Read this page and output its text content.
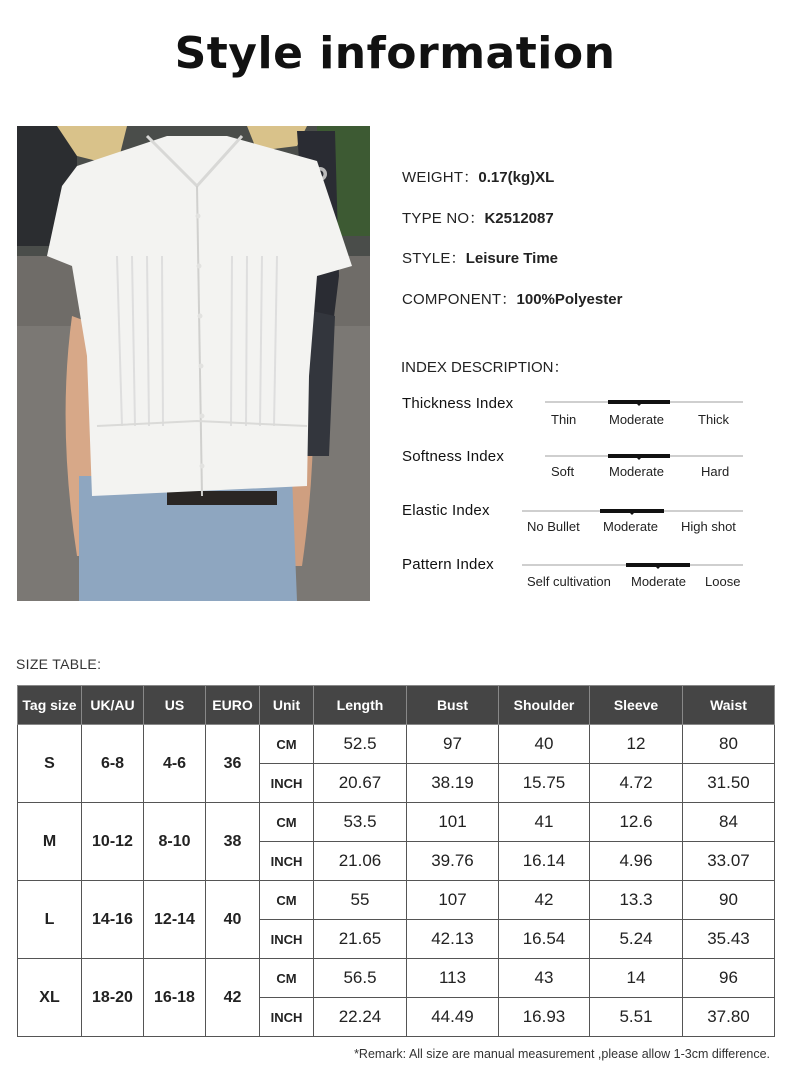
Style information
WEIGHT：0.17(kg)XL
TYPE NO：K2512087
STYLE：Leisure Time
COMPONENT：100%Polyester
INDEX DESCRIPTION：
Thickness Index
Thin	Moderate	Thick
Softness Index
Soft	Moderate	Hard
Elastic Index
No Bullet Moderate High shot
Pattern Index
Self cultivation Moderate Loose
SIZE TABLE:
Tag size	UK/AU	US	EURO	Unit	Length	Bust	Shoulder	Sleeve	Waist
S	6-8	4-6	36	CM	52.5	97	40	12	80
				INCH	20.67	38.19	15.75	4.72	31.50
M	10-12	8-10	38	CM	53.5	101	41	12.6	84
				INCH	21.06	39.76	16.14	4.96	33.07
L	14-16	12-14	40	CM	55	107	42	13.3	90
				INCH	21.65	42.13	16.54	5.24	35.43
XL	18-20	16-18	42	CM	56.5	113	43	14	96
				INCH	22.24	44.49	16.93	5.51	37.80
*Remark: All size are manual measurement ,please allow 1-3cm difference.
